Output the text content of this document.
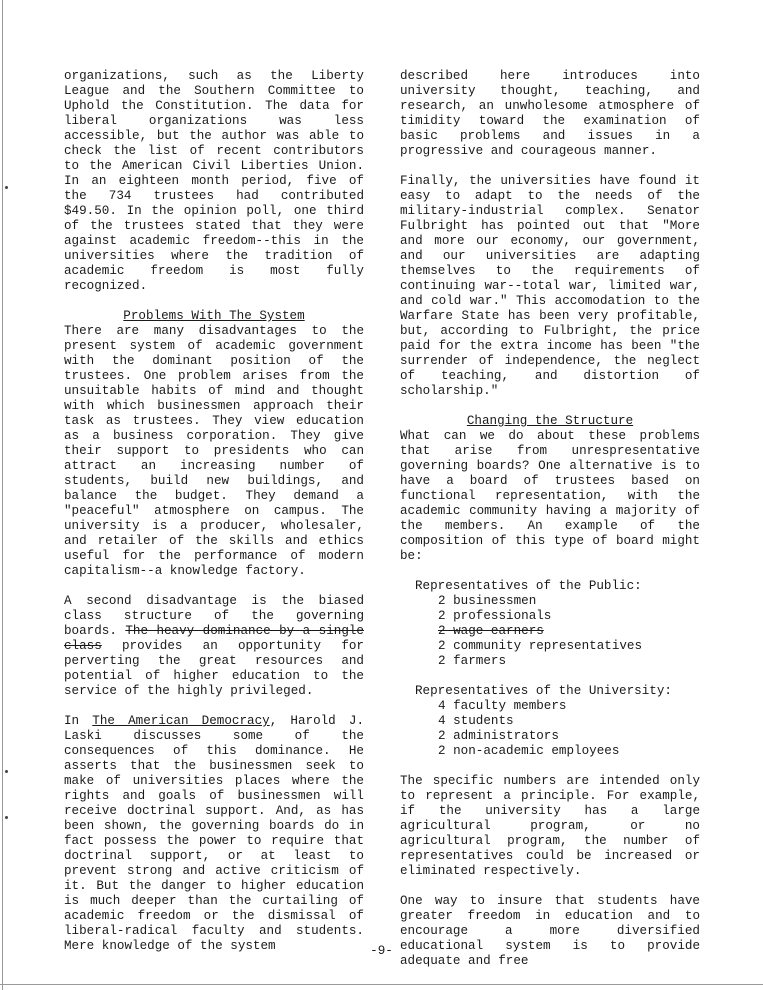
organizations, such as the Liberty League and the Southern Committee to Uphold the Constitution. The data for liberal organizations was less accessible, but the author was able to check the list of recent contributors to the American Civil Liberties Union. In an eighteen month period, five of the 734 trustees had contributed $49.50. In the opinion poll, one third of the trustees stated that they were against academic freedom--this in the universities where the tradition of academic freedom is most fully recognized.

Problems With The System

There are many disadvantages to the present system of academic government with the dominant position of the trustees. One problem arises from the unsuitable habits of mind and thought with which businessmen approach their task as trustees. They view education as a business corporation. They give their support to presidents who can attract an increasing number of students, build new buildings, and balance the budget. They demand a "peaceful" atmosphere on campus. The university is a producer, wholesaler, and retailer of the skills and ethics useful for the performance of modern capitalism--a knowledge factory.

A second disadvantage is the biased class structure of the governing boards. The heavy dominance by a single class provides an opportunity for perverting the great resources and potential of higher education to the service of the highly privileged.

In The American Democracy, Harold J. Laski discusses some of the consequences of this dominance. He asserts that the businessmen seek to make of universities places where the rights and goals of businessmen will receive doctrinal support. And, as has been shown, the governing boards do in fact possess the power to require that doctrinal support, or at least to prevent strong and active criticism of it. But the danger to higher education is much deeper than the curtailing of academic freedom or the dismissal of liberal-radical faculty and students. Mere knowledge of the system

described here introduces into university thought, teaching, and research, an unwholesome atmosphere of timidity toward the examination of basic problems and issues in a progressive and courageous manner.

Finally, the universities have found it easy to adapt to the needs of the military-industrial complex. Senator Fulbright has pointed out that "More and more our economy, our government, and our universities are adapting themselves to the requirements of continuing war--total war, limited war, and cold war." This accomodation to the Warfare State has been very profitable, but, according to Fulbright, the price paid for the extra income has been "the surrender of independence, the neglect of teaching, and distortion of scholarship."

Changing the Structure

What can we do about these problems that arise from unrespresentative governing boards? One alternative is to have a board of trustees based on functional representation, with the academic community having a majority of the members. An example of the composition of this type of board might be:

Representatives of the Public:

2 businessmen

2 professionals

2 wage earners

2 community representatives

2 farmers

Representatives of the University:

4 faculty members

4 students

2 administrators

2 non-academic employees

The specific numbers are intended only to represent a principle. For example, if the university has a large agricultural program, or no agricultural program, the number of representatives could be increased or eliminated respectively.

One way to insure that students have greater freedom in education and to encourage a more diversified educational system is to provide adequate and free

-9-
